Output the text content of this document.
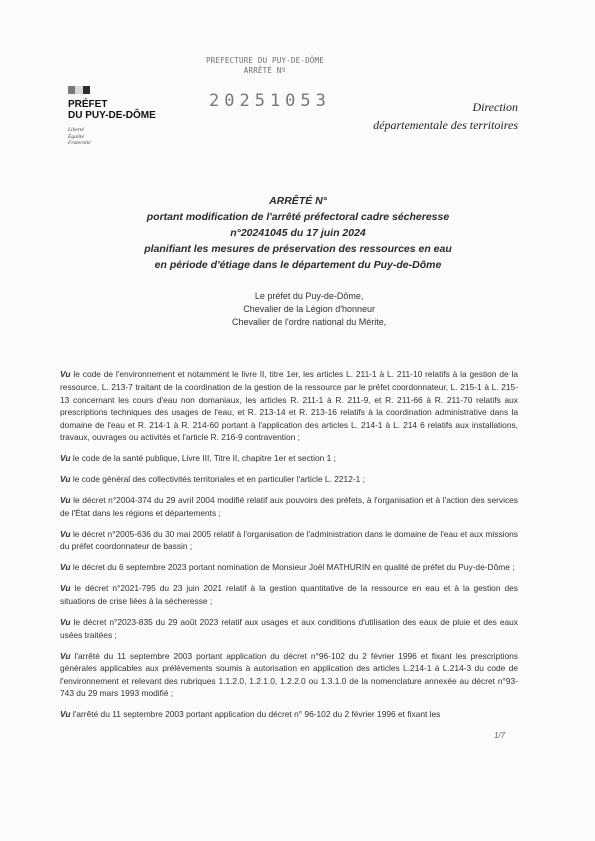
PREFECTURE DU PUY-DE-DÔME
ARRÊTÉ Nº
20251053
PRÉFET
DU PUY-DE-DÔME
Liberté
Égalité
Fraternité
Direction
départementale des territoires
ARRÊTÉ N°
portant modification de l'arrêté préfectoral cadre sécheresse
n°20241045 du 17 juin 2024
planifiant les mesures de préservation des ressources en eau
en période d'étiage dans le département du Puy-de-Dôme
Le préfet du Puy-de-Dôme,
Chevalier de la Légion d'honneur
Chevalier de l'ordre national du Mérite,

Vu le code de l'environnement et notamment le livre II, titre 1er, les articles L. 211-1 à L. 211-10 relatifs à la gestion de la ressource, L. 213-7 traitant de la coordination de la gestion de la ressource par le préfet coordonnateur, L. 215-1 à L. 215-13 concernant les cours d'eau non domaniaux, les articles R. 211-1 à R. 211-9, et R. 211-66 à R. 211-70 relatifs aux prescriptions techniques des usages de l'eau, et R. 213-14 et R. 213-16 relatifs à la coordination administrative dans la domaine de l'eau et R. 214-1 à R. 214-60 portant à l'application des articles L. 214-1 à L. 214 6 relatifs aux installations, travaux, ouvrages ou activités et l'article R. 216-9 contravention ;

Vu le code de la santé publique, Livre III, Titre II, chapitre 1er et section 1 ;

Vu le code général des collectivités territoriales et en particulier l'article L. 2212-1 ;

Vu le décret n°2004-374 du 29 avril 2004 modifié relatif aux pouvoirs des préfets, à l'organisation et à l'action des services de l'État dans les régions et départements ;

Vu le décret n°2005-636 du 30 mai 2005 relatif à l'organisation de l'administration dans le domaine de l'eau et aux missions du préfet coordonnateur de bassin ;

Vu le décret du 6 septembre 2023 portant nomination de Monsieur Joël MATHURIN en qualité de préfet du Puy-de-Dôme ;

Vu le décret n°2021-795 du 23 juin 2021 relatif à la gestion quantitative de la ressource en eau et à la gestion des situations de crise liées à la sécheresse ;

Vu le décret n°2023-835 du 29 août 2023 relatif aux usages et aux conditions d'utilisation des eaux de pluie et des eaux usées traitées ;

Vu l'arrêté du 11 septembre 2003 portant application du décret n°96-102 du 2 février 1996 et fixant les prescriptions générales applicables aux prélèvements soumis à autorisation en application des articles L.214-1 à L.214-3 du code de l'environnement et relevant des rubriques 1.1.2.0, 1.2.1.0, 1.2.2.0 ou 1.3.1.0 de la nomenclature annexée au décret n°93-743 du 29 mars 1993 modifié ;

Vu l'arrêté du 11 septembre 2003 portant application du décret n° 96-102 du 2 février 1996 et fixant les

1/7
